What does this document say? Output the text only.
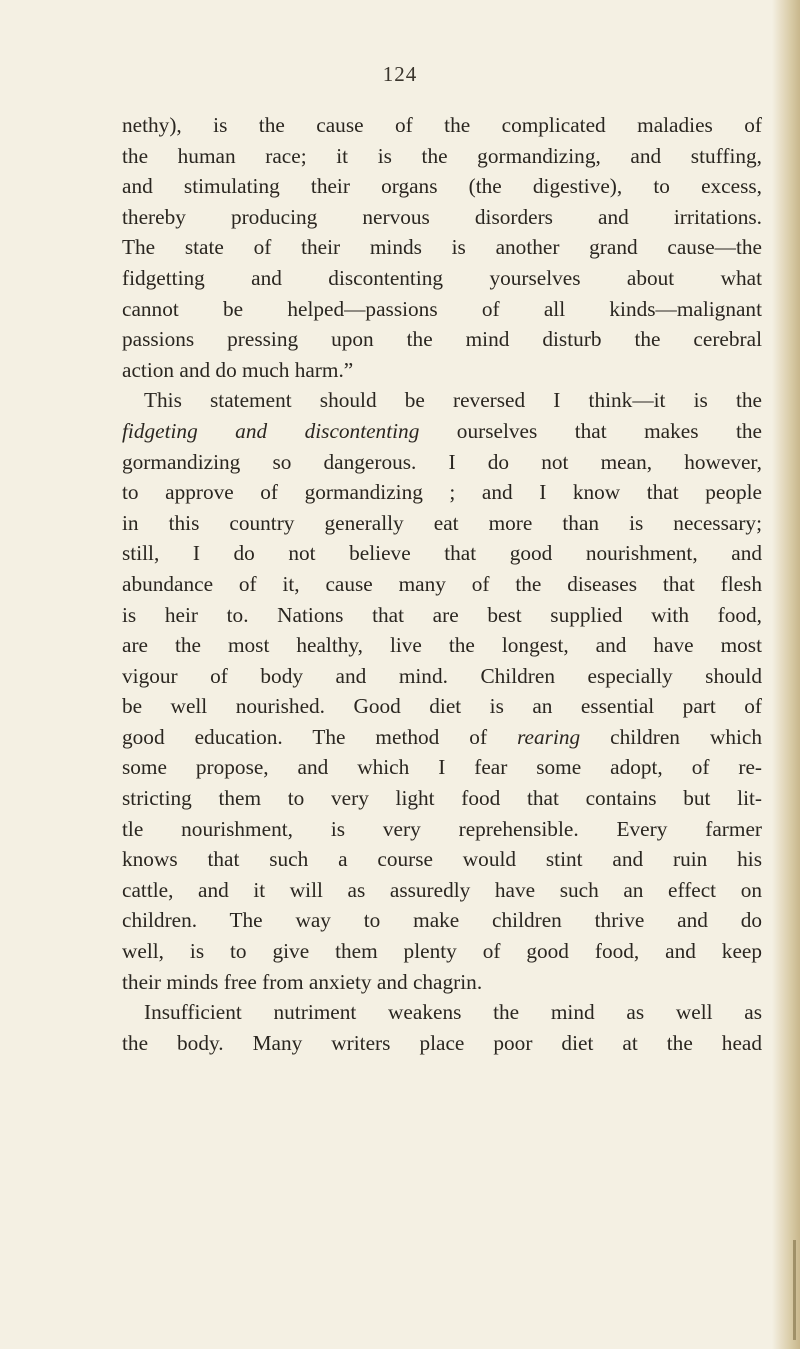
124
nethy), is the cause of the complicated maladies of
the human race; it is the gormandizing, and stuffing,
and stimulating their organs (the digestive), to excess,
thereby producing nervous disorders and irritations.
The state of their minds is another grand cause—the
fidgetting and discontenting yourselves about what
cannot be helped—passions of all kinds—malignant
passions pressing upon the mind disturb the cerebral
action and do much harm.”
This statement should be reversed I think—it is the
fidgeting and discontenting ourselves that makes the
gormandizing so dangerous. I do not mean, however,
to approve of gormandizing ; and I know that people
in this country generally eat more than is necessary;
still, I do not believe that good nourishment, and
abundance of it, cause many of the diseases that flesh
is heir to. Nations that are best supplied with food,
are the most healthy, live the longest, and have most
vigour of body and mind. Children especially should
be well nourished. Good diet is an essential part of
good education. The method of rearing children which
some propose, and which I fear some adopt, of re-
stricting them to very light food that contains but lit-
tle nourishment, is very reprehensible. Every farmer
knows that such a course would stint and ruin his
cattle, and it will as assuredly have such an effect on
children. The way to make children thrive and do
well, is to give them plenty of good food, and keep
their minds free from anxiety and chagrin.
Insufficient nutriment weakens the mind as well as
the body. Many writers place poor diet at the head
